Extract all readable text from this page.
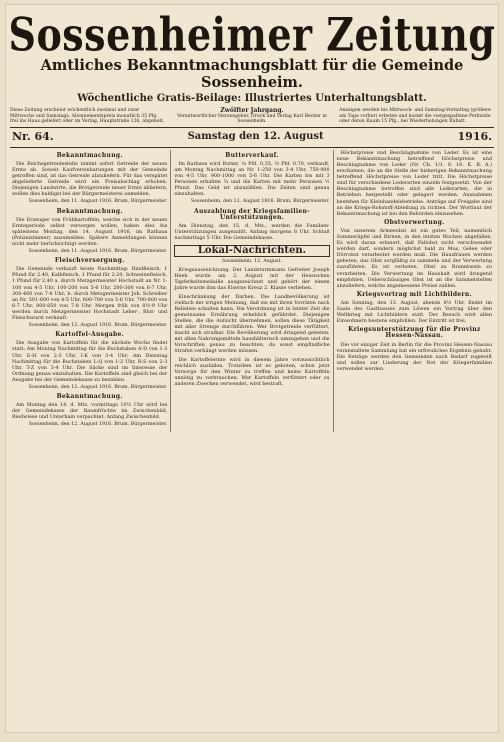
Sossenheimer Zeitung
Amtliches Bekanntmachungsblatt für die Gemeinde Sossenheim.
Wöchentliche Gratis-Beilage: Illustriertes Unterhaltungsblatt.
Diese Zeitung erscheint wöchentlich zweimal und zwar Mittwochs und Samstags. Abonnementspreis monatlich 35 Pfg. frei ins Haus geliefert oder im Verlag, Hauptstraße 126, abgeholt.
Zwölfter Jahrgang.
Verantwortlicher Herausgeber, Druck und Verlag Karl Becker in Sossenheim.
Anzeigen werden bis Mittwoch- und Samstag-Vormittag (größere am Tage vorher) erbeten und kostet die viergespaltene Petitzeile oder deren Raum 15 Pfg., bei Wiederholungen Rabatt.
Nr. 64.	Samstag den 12. August	1916.
Bekanntmachung.

Die Reichsgetreidestelle nimmt sofort Getreide der neuen Ernte ab. Soweit Kaufvereinbarungen mit der Gemeinde getroffen sind, ist das Getreide abzuliefern. Für das verspätet abgelieferte Getreide wird ein Preisabschlag erhoben. Diejenigen Landwirte, die Brotgetreide neuer Ernte abliefern, wollen dies baldigst bei der Bürgermeisterei anmelden.

Sossenheim, den 11. August 1916. Brum, Bürgermeister.
Bekanntmachung.

Die Erzeuger von Frühkartoffeln, welche sich in der neuen Ernteperiode selbst versorgen wollen, haben dies bis spätestens Montag, den 14. August 1916, im Rathaus (Polizeizimmer) anzumelden. Spätere Anmeldungen können nicht mehr berücksichtigt werden.

Sossenheim, den 11. August 1916. Brum, Bürgermeister.
Fleischversorgung.

Die Gemeinde verkauft heute Nachmittag: Rindfleisch, 1 Pfund für 2.40, Kalbfleisch, 1 Pfund für 2.20, Schweinefleisch, 1 Pfund für 2.40 a. durch Metzgermeister Hochstadt an Nr. 1-100 von 4-5 Uhr, 100-200 von 5-6 Uhr, 200-300 von 6-7 Uhr, 300-400 von 7-8 Uhr; b. durch Metzgermeister Joh. Schreiber an Nr. 501-600 von 4-5 Uhr, 600-700 von 5-6 Uhr, 700-800 von 6-7 Uhr, 800-850 von 7-8 Uhr. Morgen früh von 8½-9 Uhr werden durch Metzgermeister Hochstadt Leber-, Blut- und Fleischwurst verkauft.

Sossenheim, den 12. August 1916. Brum, Bürgermeister.
Kartoffel-Ausgabe.

Die Ausgabe von Kartoffeln für die nächste Woche findet statt: Am Montag Nachmittag für die Buchstaben A-D von 1-2 Uhr, E-H von 2-3 Uhr, I-K von 3-4 Uhr; Am Dienstag Nachmittag für die Buchstaben L-Q von 1-2 Uhr, R-S von 2-3 Uhr, T-Z von 3-4 Uhr. Die Säcke sind im Interesse der Ordnung genau einzuhalten. Die Kartoffeln sind gleich bei der Ausgabe bei der Gemeindekasse zu bezahlen.

Sossenheim, den 12. August 1916. Brum, Bürgermeister.
Bekanntmachung.

Am Montag den 14. d. Mts. vormittags 10½ Uhr wird bei der Gemeindekasse der Baumfrüchte im Zwischenbild, Riedwiese und Unterhain verpachtet. Anfang Zwischenbild.

Sossenheim, den 12. August 1916. Brum, Bürgermeister.
Butterverkauf.

Im Rathaus wird Butter, ¼ Pfd. 0.35, ½ Pfd. 0.70, verkauft, am Montag Nachmittag an Nr. 1-250 von 3-4 Uhr, 750-900 von 4-5 Uhr, 900-1000 von 5-6 Uhr. Die Karten bis mit 3 Personen erhalten ¼ und die Karten mit mehr Personen ½ Pfund. Das Geld ist abzuzählen. Die Zeiten sind genau einzuhalten.

Sossenheim, den 12. August 1916. Brum, Bürgermeister.
Auszahlung der Kriegsfamilien-Unterstützungen.

Am Dienstag, den 15. d. Mts., werden die Familien-Unterstützungen ausgezahlt. Anfang morgens 8 Uhr. Schluß nachmittags 5 Uhr. Die Gemeindekasse.

Lokal-Nachrichten.
Sossenheim, 12. August.

Kriegsauszeichnung. Der Landsturmmann Gefreiter Joseph Heeb wurde am 2. August mit der Hessischen Tapferkeitsmedaille ausgezeichnet und gehört der einem Jahre wurde ihm das Eiserne Kreuz 2. Klasse verliehen.

Einschränkung der Darben. Die Landbevölkerung ist vielfach der irrigen Meinung, daß sie mit ihren Vorräten nach Belieben schalten kann. Die Verordnung ist in letzter Zeit die gemeinsame Ernährung erheblich gefährdet. Diejenigen Stellen, die die Aufsicht übernehmen, sollen diese Tätigkeit mit aller Strenge durchführen. Wer Brotgetreide verfüttert, macht sich strafbar. Die Bevölkerung wird dringend gebeten, mit allen Nahrungsmitteln haushälterisch umzugehen und die Vorschriften genau zu beachten, da sonst empfindliche Strafen verhängt werden müssen.

Die Kartoffelernte wird in diesem Jahre voraussichtlich reichlich ausfallen. Trotzdem ist es geboten, schon jetzt Vorsorge für den Winter zu treffen und keine Kartoffeln unnötig zu verbrauchen. Wer Kartoffeln verfüttert oder zu anderen Zwecken verwendet, wird bestraft.

Höchstpreise und Beschlagnahme von Leder. Es ist eine neue Bekanntmachung betreffend Höchstpreise und Beschlagnahme von Leder (Nr. Ch. 1/1. 8. 16. K. R. A.) erschienen, die an die Stelle der bisherigen Bekanntmachung betreffend Höchstpreise von Leder tritt. Die Höchstpreise sind für verschiedene Lederarten einzeln festgesetzt. Von der Beschlagnahme betroffen sind alle Lederarten, die in Betrieben hergestellt oder gelagert werden. Ausnahmen bestehen für Kleinhandelsbetriebe. Anträge auf Freigabe sind an die Kriegs-Rohstoff-Abteilung zu richten. Der Wortlaut der Bekanntmachung ist bei den Behörden einzusehen.

Obstverwertung.

Von unserem Armeeobst ist ein gutes Teil, namentlich Sommeräpfel und Birnen, in den letzten Wochen abgefallen. Es wird daran erinnert, daß Fallobst nicht verschwendet werden darf, sondern möglichst bald zu Mus, Gelee oder Dörrobst verarbeitet werden muß. Die Hausfrauen werden gebeten, das Obst sorgfältig zu sammeln und der Verwertung zuzuführen. Es ist verboten, Obst zu Branntwein zu verarbeiten. Die Verwertung im Haushalt wird dringend empfohlen. Ueberschüssiges Obst ist an die Sammelstellen abzuliefern, welche angemessene Preise zahlen.

Kriegsvortrag mit Lichtbildern.

Am Sonntag, den 13. August, abends 8½ Uhr, findet im Saale des Gasthauses zum Löwen ein Vortrag über den Weltkrieg mit Lichtbildern statt. Der Besuch wird allen Einwohnern bestens empfohlen. Der Eintritt ist frei.

Kriegsunterstützung für die Provinz Hessen-Nassau.

Die vor einiger Zeit in Berlin für die Provinz Hessen-Nassau veranstaltete Sammlung hat ein erfreuliches Ergebnis gehabt. Die Beträge werden den Gemeinden nach Bedarf zugeteilt und sollen zur Linderung der Not der Kriegerfamilien verwendet werden.
